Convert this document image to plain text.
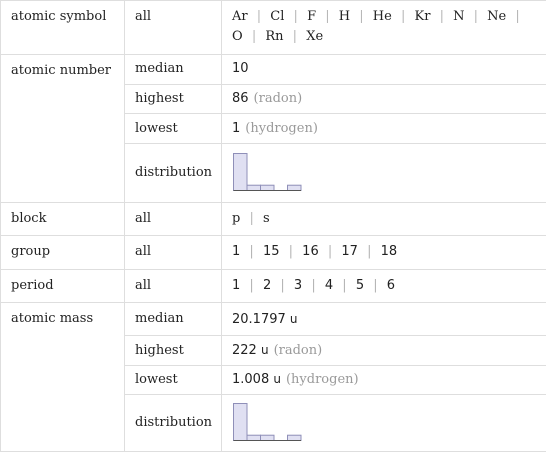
atomic symbol	all	Ar | Cl | F | H | He | Kr | N | Ne | O | Rn | Xe
atomic number	median	10
	highest	86 (radon)
	lowest	1 (hydrogen)
	distribution	

block	all	p | s
group	all	1 | 15 | 16 | 17 | 18
period	all	1 | 2 | 3 | 4 | 5 | 6
atomic mass	median	20.1797 u
	highest	222 u (radon)
	lowest	1.008 u (hydrogen)
	distribution	
